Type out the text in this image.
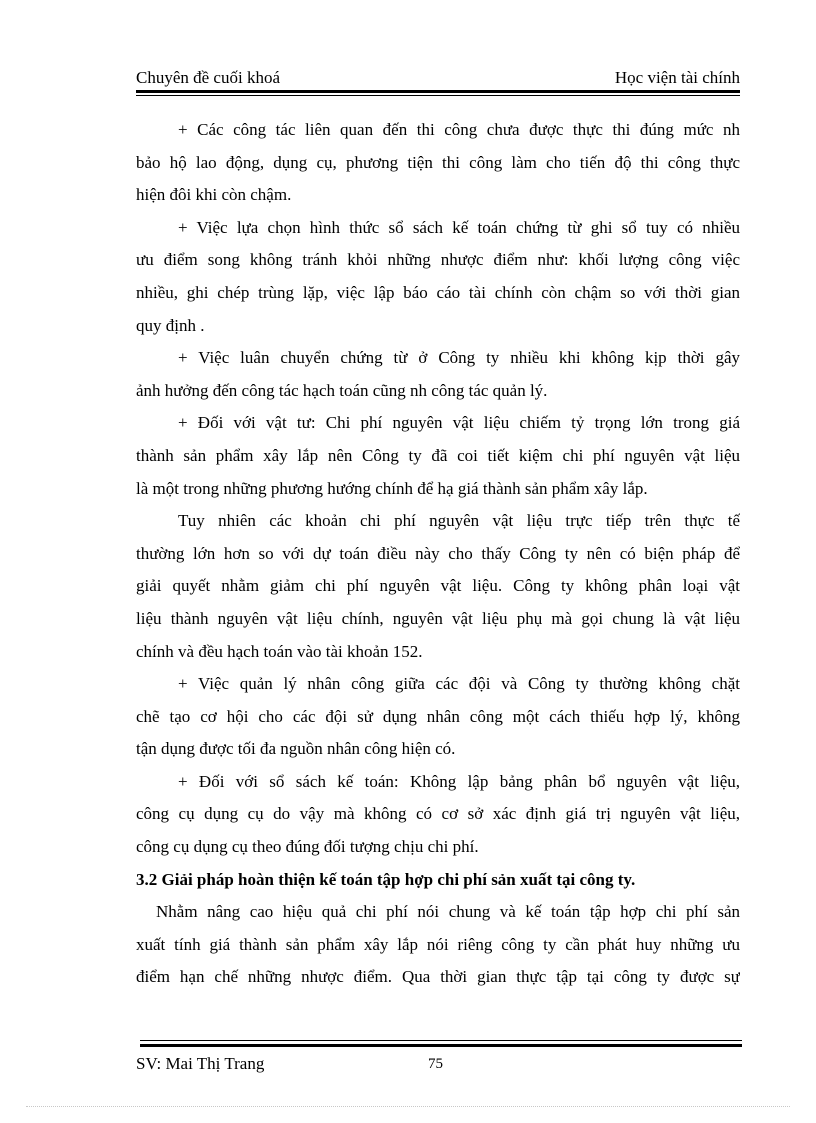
Chuyên đề cuối khoá	Học viện tài chính
+ Các công tác liên quan đến thi công chưa được thực thi đúng mức nh
bảo hộ lao động, dụng cụ, phương tiện thi công làm cho tiến độ thi công thực
hiện đôi khi còn chậm.
+ Việc lựa chọn hình thức sổ sách kế toán chứng từ ghi sổ tuy có nhiều
ưu điểm song không tránh khỏi những nhược điểm như: khối lượng công việc
nhiều, ghi chép trùng lặp, việc lập báo cáo tài chính còn chậm so với thời gian
quy định .
+ Việc luân chuyển chứng từ ở Công ty nhiều khi không kịp thời gây
ảnh hưởng đến công tác hạch toán cũng nh công tác quản lý.
+ Đối với vật tư: Chi phí nguyên vật liệu chiếm tỷ trọng lớn trong giá
thành sản phẩm xây lắp nên Công ty đã coi tiết kiệm chi phí nguyên vật liệu
là một trong những phương hướng chính để hạ giá thành sản phẩm xây lắp.
Tuy nhiên các khoản chi phí nguyên vật liệu trực tiếp trên thực tế
thường lớn hơn so với dự toán điều này cho thấy Công ty nên có biện pháp để
giải quyết nhằm giảm chi phí nguyên vật liệu. Công ty không phân loại vật
liệu thành nguyên vật liệu chính, nguyên vật liệu phụ mà gọi chung là vật liệu
chính và đều hạch toán vào tài khoản 152.
+ Việc quản lý nhân công giữa các đội và Công ty thường không chặt
chẽ tạo cơ hội cho các đội sử dụng nhân công một cách thiếu hợp lý, không
tận dụng được tối đa nguồn nhân công hiện có.
+ Đối với sổ sách kế toán: Không lập bảng phân bổ nguyên vật liệu,
công cụ dụng cụ do vậy mà không có cơ sở xác định giá trị nguyên vật liệu,
công cụ dụng cụ theo đúng đối tượng chịu chi phí.
3.2 Giải pháp hoàn thiện kế toán tập hợp chi phí sản xuất tại công ty.
Nhằm nâng cao hiệu quả chi phí nói chung và kế toán tập hợp chi phí sản
xuất tính giá thành sản phẩm xây lắp nói riêng công ty cần phát huy những ưu
điểm hạn chế những nhược điểm. Qua thời gian thực tập tại công ty được sự
SV: Mai Thị Trang	75
